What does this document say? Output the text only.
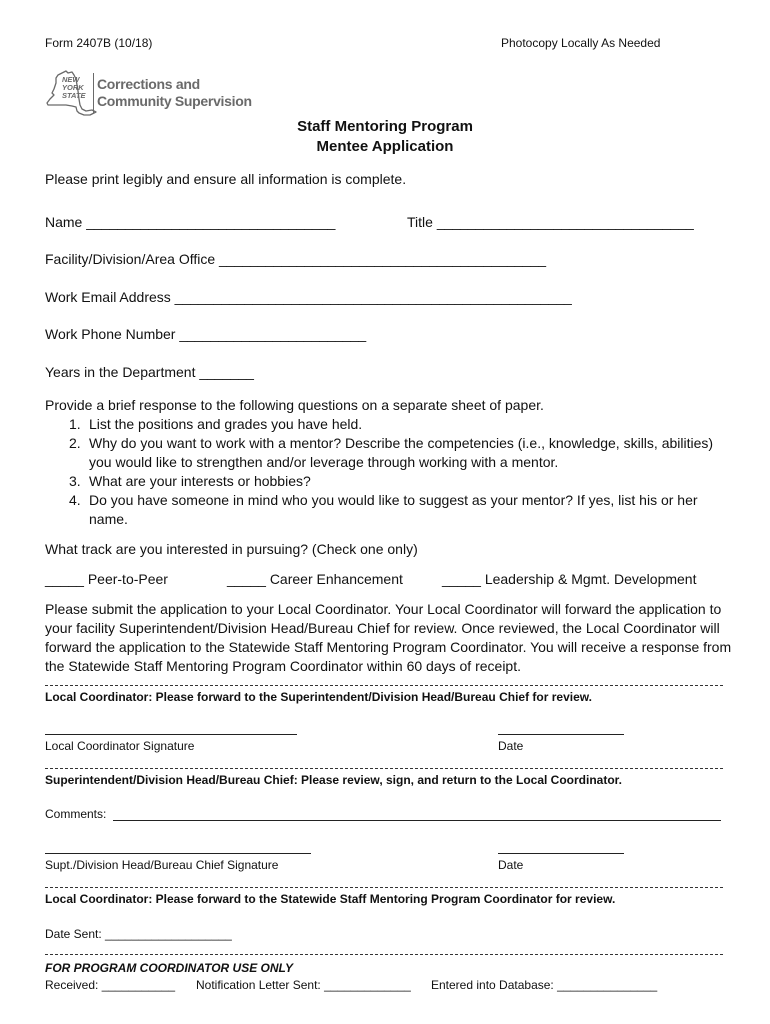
Form 2407B (10/18)	Photocopy Locally As Needed
NEW
YORK
STATE
Corrections and
Community Supervision
Staff Mentoring Program
Mentee Application
Please print legibly and ensure all information is complete.
Name ________________________________	Title _________________________________
Facility/Division/Area Office __________________________________________
Work Email Address ___________________________________________________
Work Phone Number ________________________
Years in the Department _______
Provide a brief response to the following questions on a separate sheet of paper.
1. List the positions and grades you have held.
2. Why do you want to work with a mentor? Describe the competencies (i.e., knowledge, skills, abilities) you would like to strengthen and/or leverage through working with a mentor.
3. What are your interests or hobbies?
4. Do you have someone in mind who you would like to suggest as your mentor? If yes, list his or her name.
What track are you interested in pursuing? (Check one only)
_____ Peer-to-Peer	_____ Career Enhancement	_____ Leadership & Mgmt. Development
Please submit the application to your Local Coordinator. Your Local Coordinator will forward the application to your facility Superintendent/Division Head/Bureau Chief for review. Once reviewed, the Local Coordinator will forward the application to the Statewide Staff Mentoring Program Coordinator. You will receive a response from the Statewide Staff Mentoring Program Coordinator within 60 days of receipt.
Local Coordinator: Please forward to the Superintendent/Division Head/Bureau Chief for review.
Local Coordinator Signature	Date
Superintendent/Division Head/Bureau Chief: Please review, sign, and return to the Local Coordinator.
Comments:
Supt./Division Head/Bureau Chief Signature	Date
Local Coordinator: Please forward to the Statewide Staff Mentoring Program Coordinator for review.
Date Sent: ___________________
FOR PROGRAM COORDINATOR USE ONLY
Received: ___________ Notification Letter Sent: _____________ Entered into Database: _______________
